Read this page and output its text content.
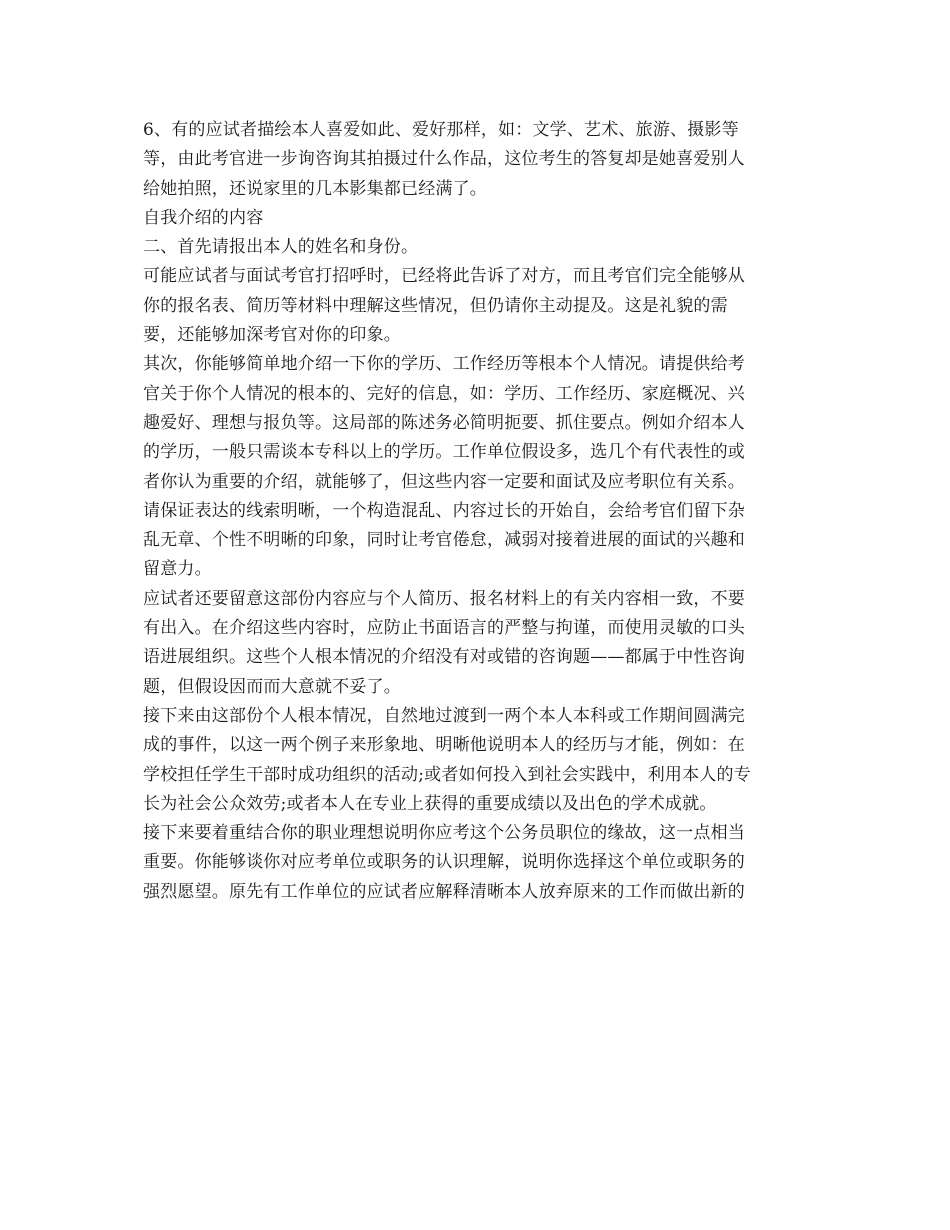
6、有的应试者描绘本人喜爱如此、爱好那样，如：文学、艺术、旅游、摄影等
等，由此考官进一步询咨询其拍摄过什么作品，这位考生的答复却是她喜爱别人
给她拍照，还说家里的几本影集都已经满了。
自我介绍的内容
二、首先请报出本人的姓名和身份。
可能应试者与面试考官打招呼时，已经将此告诉了对方，而且考官们完全能够从
你的报名表、简历等材料中理解这些情况，但仍请你主动提及。这是礼貌的需
要，还能够加深考官对你的印象。
其次，你能够简单地介绍一下你的学历、工作经历等根本个人情况。请提供给考
官关于你个人情况的根本的、完好的信息，如：学历、工作经历、家庭概况、兴
趣爱好、理想与报负等。这局部的陈述务必简明扼要、抓住要点。例如介绍本人
的学历，一般只需谈本专科以上的学历。工作单位假设多，选几个有代表性的或
者你认为重要的介绍，就能够了，但这些内容一定要和面试及应考职位有关系。
请保证表达的线索明晰，一个构造混乱、内容过长的开始自，会给考官们留下杂
乱无章、个性不明晰的印象，同时让考官倦怠，减弱对接着进展的面试的兴趣和
留意力。
应试者还要留意这部份内容应与个人简历、报名材料上的有关内容相一致，不要
有出入。在介绍这些内容时，应防止书面语言的严整与拘谨，而使用灵敏的口头
语进展组织。这些个人根本情况的介绍没有对或错的咨询题——都属于中性咨询
题，但假设因而而大意就不妥了。
接下来由这部份个人根本情况，自然地过渡到一两个本人本科或工作期间圆满完
成的事件，以这一两个例子来形象地、明晰他说明本人的经历与才能，例如：在
学校担任学生干部时成功组织的活动;或者如何投入到社会实践中，利用本人的专
长为社会公众效劳;或者本人在专业上获得的重要成绩以及出色的学术成就。
接下来要着重结合你的职业理想说明你应考这个公务员职位的缘故，这一点相当
重要。你能够谈你对应考单位或职务的认识理解，说明你选择这个单位或职务的
强烈愿望。原先有工作单位的应试者应解释清晰本人放弃原来的工作而做出新的
